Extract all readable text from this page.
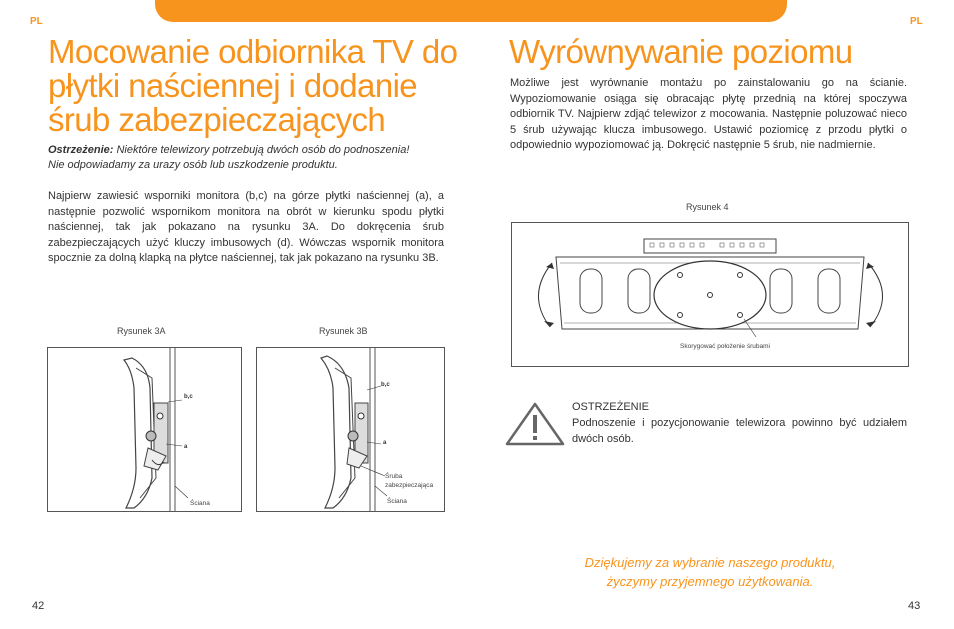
PL	PL
Mocowanie odbiornika TV do
płytki naściennej i dodanie
śrub zabezpieczających

Ostrzeżenie: Niektóre telewizory potrzebują dwóch osób do podnoszenia!

Nie odpowiadamy za urazy osób lub uszkodzenie produktu.

Najpierw zawiesić wsporniki monitora (b,c) na górze płytki naściennej (a), a następnie pozwolić wspornikom monitora na obrót w kierunku spodu płytki naściennej, tak jak pokazano na rysunku 3A. Do dokręcenia śrub zabezpieczających użyć kluczy imbusowych (d). Wówczas wspornik monitora spocznie za dolną klapką na płytce naściennej, tak jak pokazano na rysunku 3B.

Rysunek 3A	Rysunek 3B
b,c
a
Ściana
b,c
a
Śruba
zabezpieczająca
Ściana
42
Wyrównywanie poziomu

Możliwe jest wyrównanie montażu po zainstalowaniu go na ścianie. Wypoziomowanie osiąga się obracając płytę przednią na której spoczywa odbiornik TV. Najpierw zdjąć telewizor z mocowania. Następnie poluzować nieco 5 śrub używając klucza imbusowego. Ustawić poziomicę z przodu płytki o odpowiednio wypoziomować ją. Dokręcić następnie 5 śrub, nie nadmiernie.

Rysunek 4
Skorygować położenie śrubami
OSTRZEŻENIE

Podnoszenie i pozycjonowanie telewizora powinno być udziałem dwóch osób.

Dziękujemy za wybranie naszego produktu,
życzymy przyjemnego użytkowania.
43
